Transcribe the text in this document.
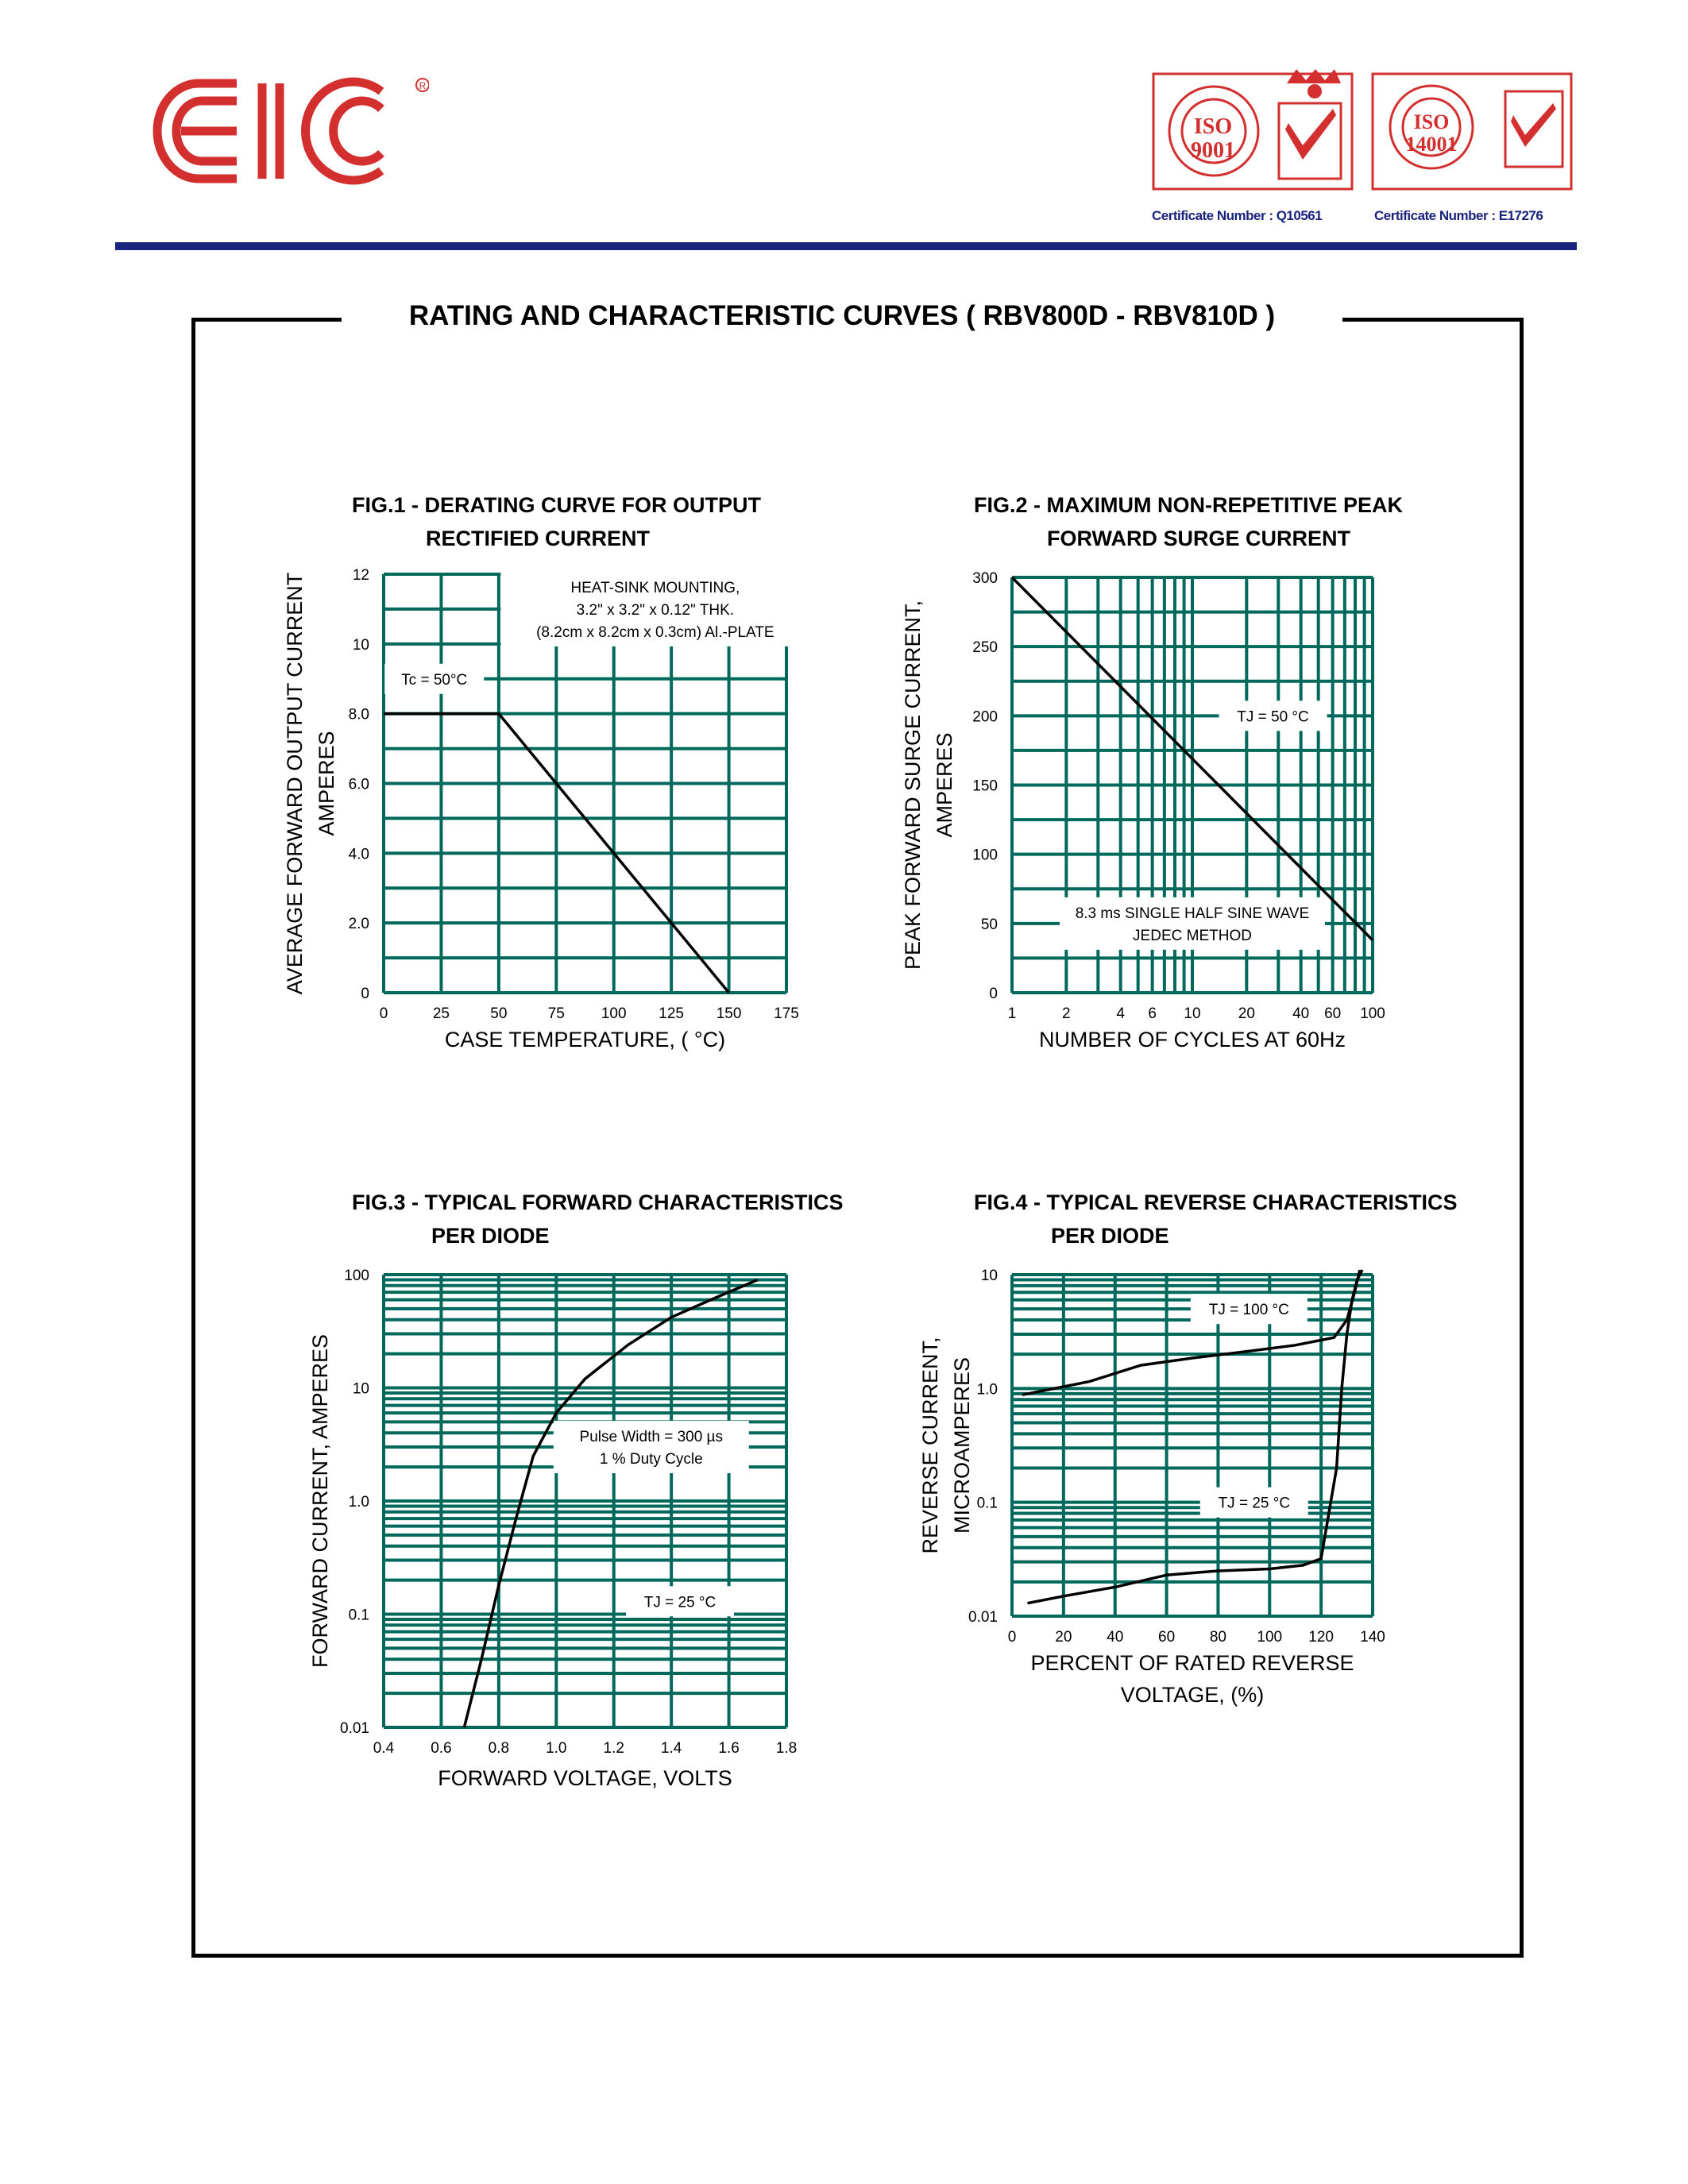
R
ISO
9001
ISO
14001
Certificate Number : Q10561	Certificate Number : E17276
RATING AND CHARACTERISTIC CURVES ( RBV800D - RBV810D )
FIG.1 - DERATING CURVE FOR OUTPUT
RECTIFIED CURRENT
0	25	50	75 100 125 150 175
0
2.0
4.0
6.0
8.0
10
12
CASE TEMPERATURE, ( °C)
AVERAGE FORWARD OUTPUT CURRENT AMPERES
Tc = 50°C
HEAT-SINK MOUNTING,
3.2" x 3.2" x 0.12" THK.
(8.2cm x 8.2cm x 0.3cm) Al.-PLATE
FIG.2 - MAXIMUM NON-REPETITIVE PEAK
FORWARD SURGE CURRENT
1	2	4 6 10 20 40 60 100
0
50
100
150
200
250
300
NUMBER OF CYCLES AT 60Hz
PEAK FORWARD SURGE CURRENT, AMPERES
TJ = 50 °C
8.3 ms SINGLE HALF SINE WAVE
JEDEC METHOD
FIG.3 - TYPICAL FORWARD CHARACTERISTICS
PER DIODE
0.4 0.6 0.8 1.0 1.2 1.4 1.6 1.8
0.01
0.1
1.0
10
100
FORWARD VOLTAGE, VOLTS
FORWARD CURRENT, AMPERES	Pulse Width = 300 µs
1 % Duty Cycle
TJ = 25 °C
FIG.4 - TYPICAL REVERSE CHARACTERISTICS
PER DIODE
0	20 40 60 80 100 120 140
0.01
0.1
1.0
10
PERCENT OF RATED REVERSE
VOLTAGE, (%)
REVERSE CURRENT, MICROAMPERES
TJ = 100 °C
TJ = 25 °C
